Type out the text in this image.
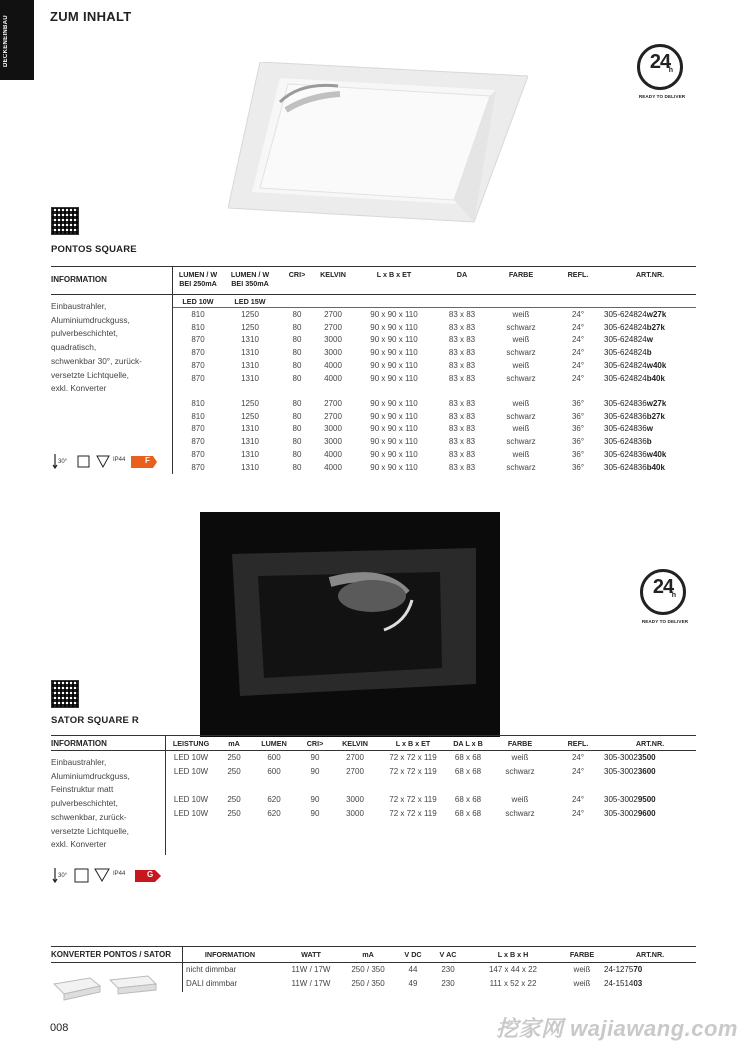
DECKENEINBAU	ZUM INHALT
24
h
READY TO DELIVER
PONTOS SQUARE
INFORMATION
LUMEN / W
BEI 250mA
LUMEN / W
BEI 350mA
CRI>	KELVIN	L x B x ET	DA	FARBE	REFL.	ART.NR.
LED 10W	LED 15W
810	1250	80	2700	90 x 90 x 110	83 x 83	weiß	24°	305-624824w27k
810	1250	80	2700	90 x 90 x 110	83 x 83	schwarz	24°	305-624824b27k
870	1310	80	3000	90 x 90 x 110	83 x 83	weiß	24°	305-624824w
870	1310	80	3000	90 x 90 x 110	83 x 83	schwarz	24°	305-624824b
870	1310	80	4000	90 x 90 x 110	83 x 83	weiß	24°	305-624824w40k
870	1310	80	4000	90 x 90 x 110	83 x 83	schwarz	24°	305-624824b40k
810	1250	80	2700	90 x 90 x 110	83 x 83	weiß	36°	305-624836w27k
810	1250	80	2700	90 x 90 x 110	83 x 83	schwarz	36°	305-624836b27k
870	1310	80	3000	90 x 90 x 110	83 x 83	weiß	36°	305-624836w
870	1310	80	3000	90 x 90 x 110	83 x 83	schwarz	36°	305-624836b
870	1310	80	4000	90 x 90 x 110	83 x 83	weiß	36°	305-624836w40k
870	1310	80	4000	90 x 90 x 110	83 x 83	schwarz	36°	305-624836b40k
Einbaustrahler,
Aluminiumdruckguss,
pulverbeschichtet,
quadratisch,
schwenkbar 30°, zurück-
versetzte Lichtquelle,
exkl. Konverter
30°	IP44 F
24
h
READY TO DELIVER
SATOR SQUARE R
INFORMATION	LEISTUNG	mA	LUMEN	CRI>	KELVIN	L x B x ET	DA L x B	FARBE	REFL.	ART.NR.
LED 10W	250	600	90	2700	72 x 72 x 119	68 x 68	weiß	24°	305-30023500
LED 10W	250	600	90	2700	72 x 72 x 119	68 x 68	schwarz	24°	305-30023600
LED 10W	250	620	90	3000	72 x 72 x 119	68 x 68	weiß	24°	305-30029500
LED 10W	250	620	90	3000	72 x 72 x 119	68 x 68	schwarz	24°	305-30029600
Einbaustrahler,
Aluminiumdruckguss,
Feinstruktur matt
pulverbeschichtet,
schwenkbar, zurück-
versetzte Lichtquelle,
exkl. Konverter
30°	IP44	G
KONVERTER PONTOS / SATOR	INFORMATION	WATT	mA	V DC	V AC	L x B x H	FARBE	ART.NR.
nicht dimmbar	11W / 17W	250 / 350	44	230	147 x 44 x 22	weiß	24-127570
DALI dimmbar	11W / 17W	250 / 350	49	230	111 x 52 x 22	weiß	24-151403
008	挖家网 wajiawang.com
